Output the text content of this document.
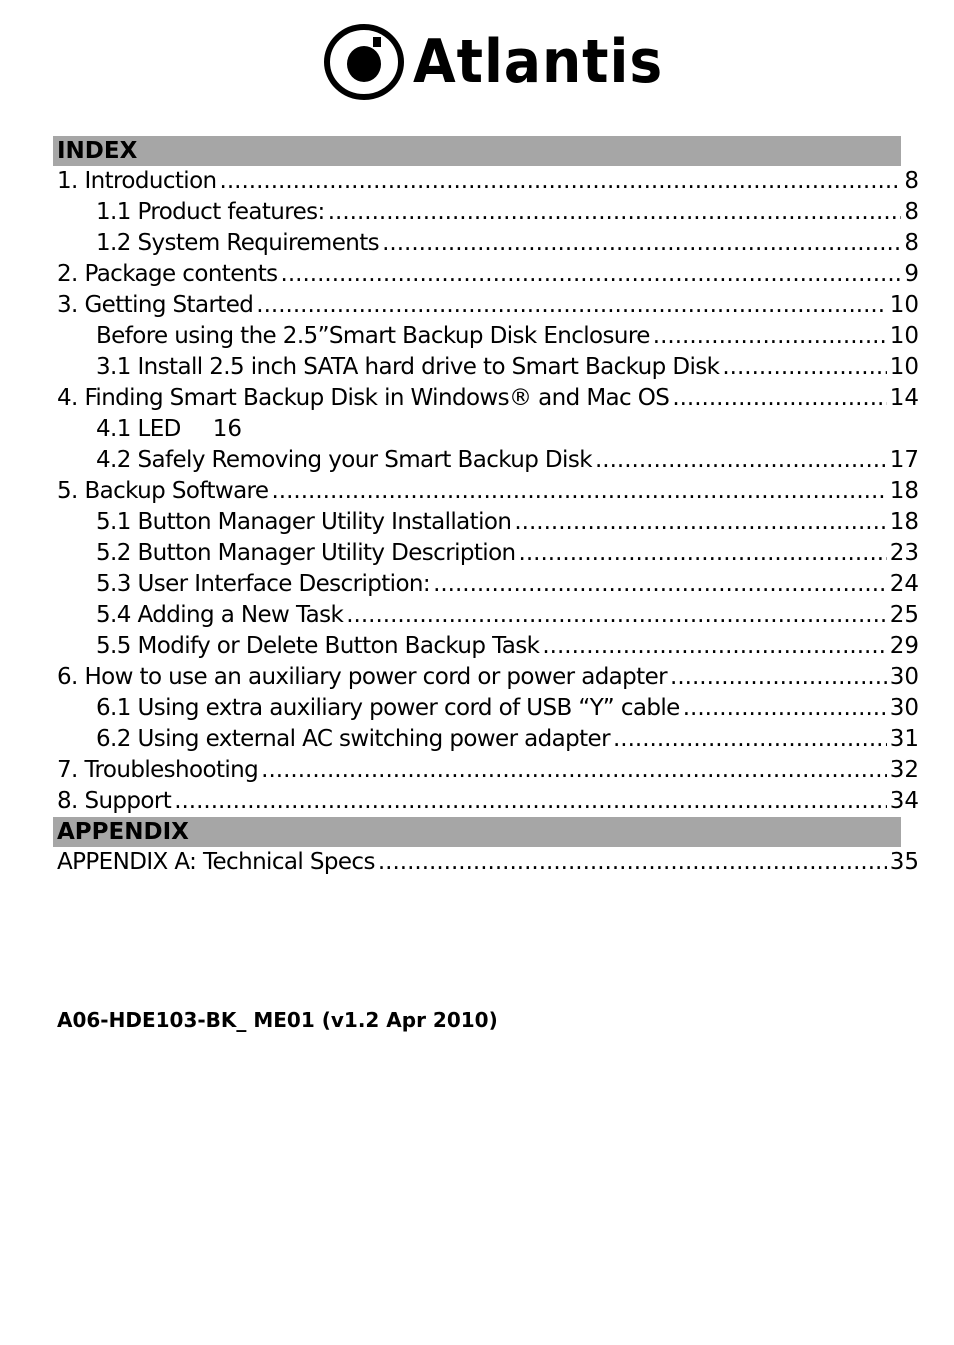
Atlantis
INDEX
1. Introduction .....	8
1.1 Product features: .....	8
1.2 System Requirements .....	8
2. Package contents .....	9
3. Getting Started .....	10
Before using the 2.5”Smart Backup Disk Enclosure .....	10
3.1 Install 2.5 inch SATA hard drive to Smart Backup Disk .....	10
4. Finding Smart Backup Disk in Windows® and Mac OS .....	14
4.1 LED 16
4.2 Safely Removing your Smart Backup Disk .....	17
5. Backup Software .....	18
5.1 Button Manager Utility Installation .....	18
5.2 Button Manager Utility Description .....	23
5.3 User Interface Description: .....	24
5.4 Adding a New Task .....	25
5.5 Modify or Delete Button Backup Task .....	29
6. How to use an auxiliary power cord or power adapter .....	30
6.1 Using extra auxiliary power cord of USB “Y” cable .....	30
6.2 Using external AC switching power adapter .....	31
7. Troubleshooting .....	32
8. Support .....	34
APPENDIX
APPENDIX A: Technical Specs .....	35
A06-HDE103-BK_ ME01 (v1.2 Apr 2010)
